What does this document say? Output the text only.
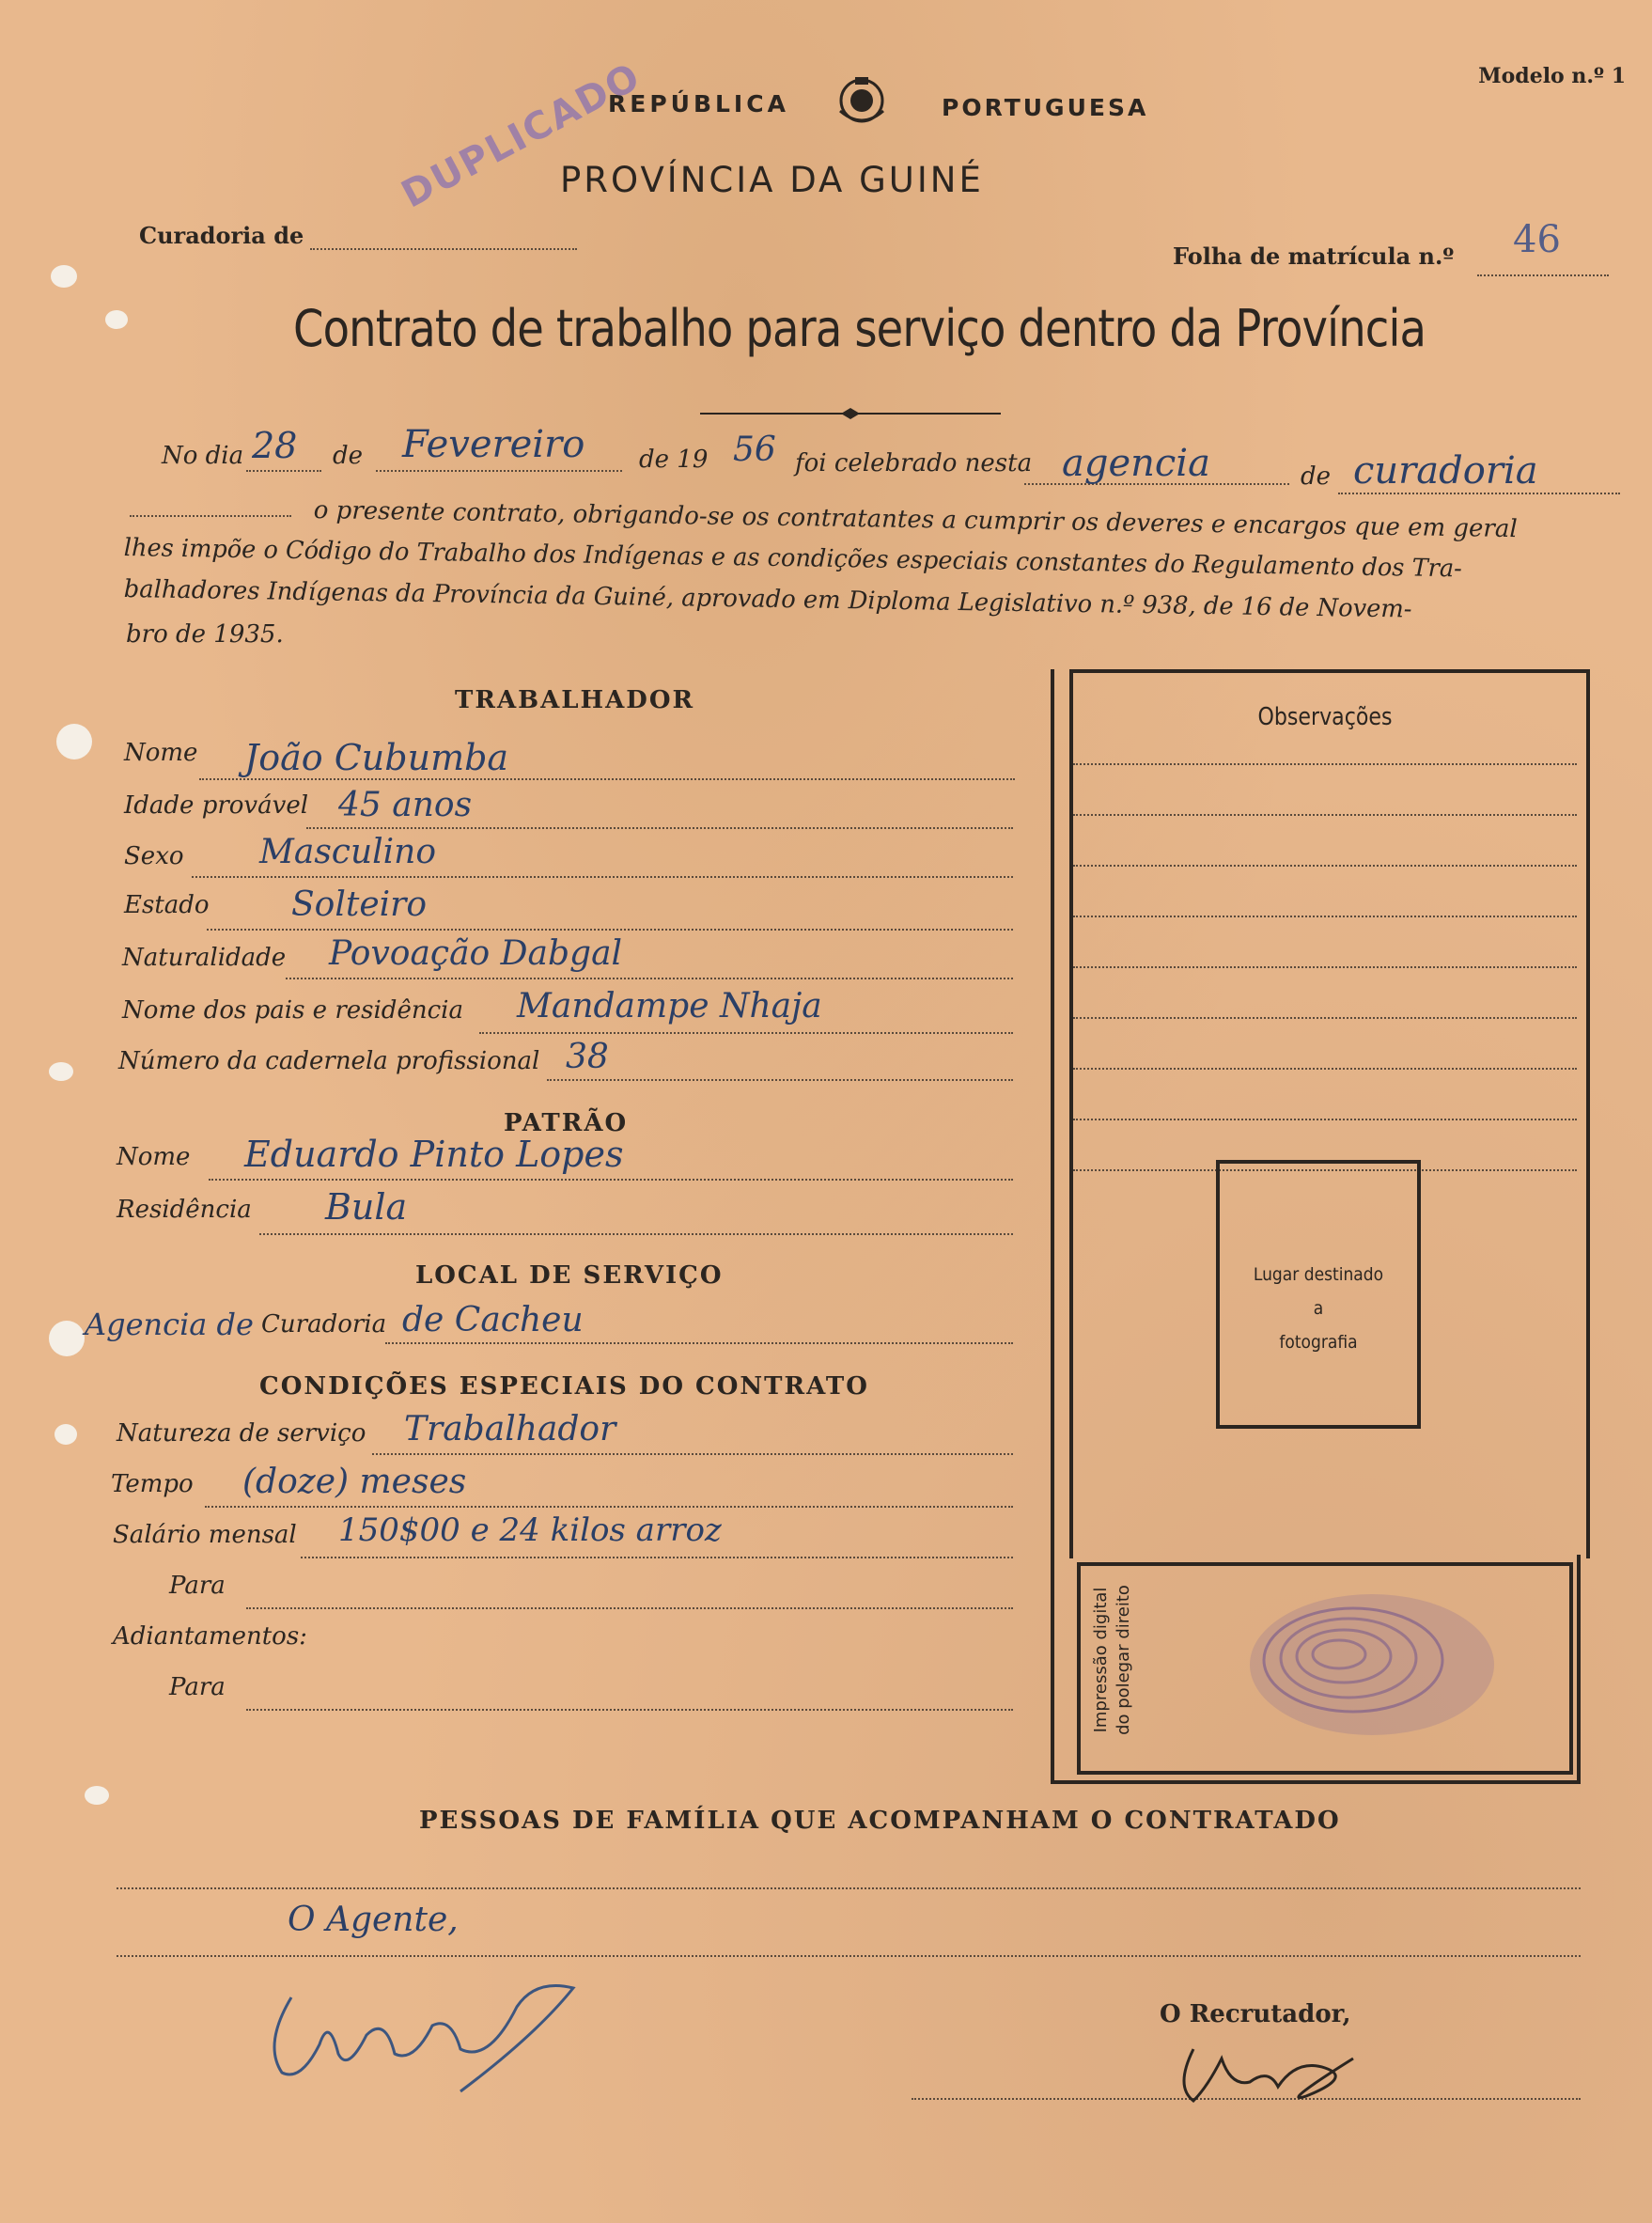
Modelo n.º 1
REPÚBLICA	PORTUGUESA
PROVÍNCIA DA GUINÉ
DUPLICADO
Curadoria de
Folha de matrícula n.º 46
Contrato de trabalho para serviço dentro da Província
No dia 28 de Fevereiro de 19 56 foi celebrado nesta agencia	de curadoria
o presente contrato, obrigando-se os contratantes a cumprir os deveres e encargos que em geral
lhes impõe o Código do Trabalho dos Indígenas e as condições especiais constantes do Regulamento dos Tra-
balhadores Indígenas da Província da Guiné, aprovado em Diploma Legislativo n.º 938, de 16 de Novem-
bro de 1935.
TRABALHADOR
Nome João Cubumba
Idade provável 45 anos
Sexo Masculino
Estado Solteiro
Naturalidade Povoação Dabgal
Nome dos pais e residência Mandampe Nhaja
Número da cadernela profissional 38
PATRÃO
Nome Eduardo Pinto Lopes
Residência Bula
LOCAL DE SERVIÇO
Agencia de Curadoria de Cacheu
CONDIÇÕES ESPECIAIS DO CONTRATO
Natureza de serviço Trabalhador
Tempo (doze) meses
Salário mensal 150$00 e 24 kilos arroz
Para
Adiantamentos:
Para
Observações
Lugar destinado
a
fotografia
Impressão digital do polegar direito
PESSOAS DE FAMÍLIA QUE ACOMPANHAM O CONTRATADO
O Agente,
O Recrutador,
